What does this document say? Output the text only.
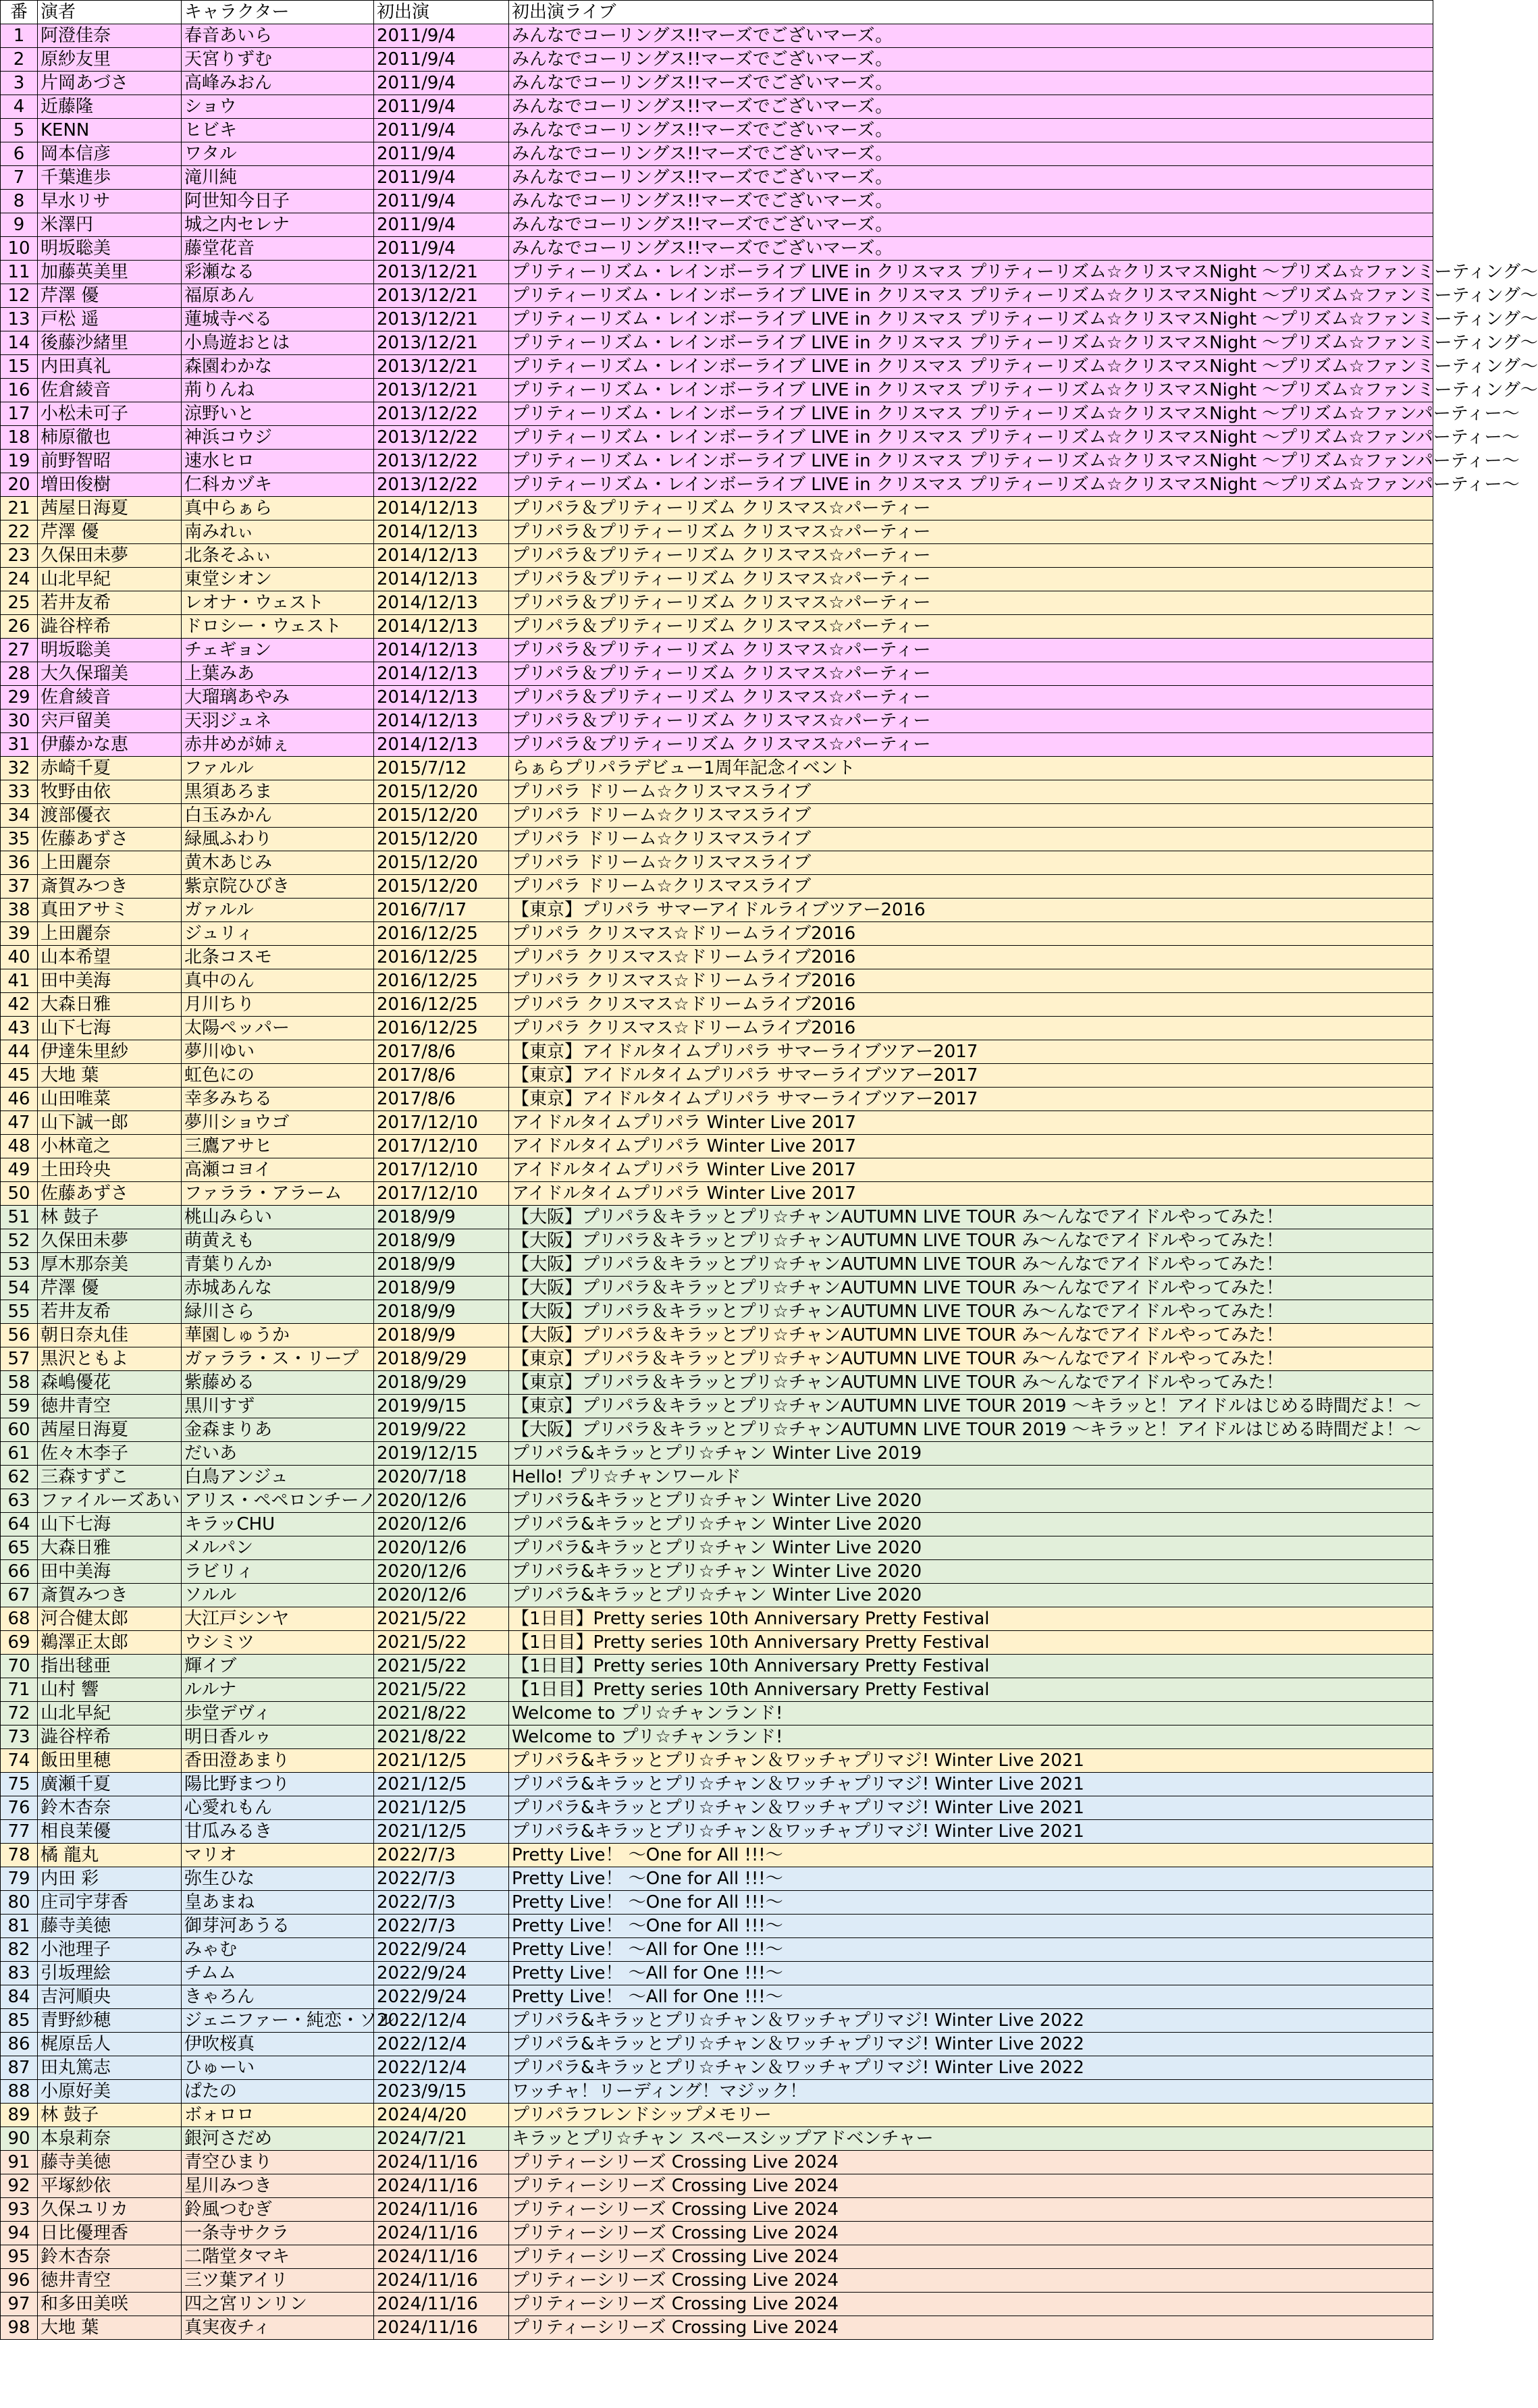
番	演者	キャラクター	初出演	初出演ライブ
1	阿澄佳奈	春音あいら	2011/9/4	みんなでコーリングス!!マーズでございマーズ。
2	原紗友里	天宮りずむ	2011/9/4	みんなでコーリングス!!マーズでございマーズ。
3	片岡あづさ	高峰みおん	2011/9/4	みんなでコーリングス!!マーズでございマーズ。
4	近藤隆	ショウ	2011/9/4	みんなでコーリングス!!マーズでございマーズ。
5	KENN	ヒビキ	2011/9/4	みんなでコーリングス!!マーズでございマーズ。
6	岡本信彦	ワタル	2011/9/4	みんなでコーリングス!!マーズでございマーズ。
7	千葉進歩	滝川純	2011/9/4	みんなでコーリングス!!マーズでございマーズ。
8	早水リサ	阿世知今日子	2011/9/4	みんなでコーリングス!!マーズでございマーズ。
9	米澤円	城之内セレナ	2011/9/4	みんなでコーリングス!!マーズでございマーズ。
10	明坂聡美	藤堂花音	2011/9/4	みんなでコーリングス!!マーズでございマーズ。
11	加藤英美里	彩瀬なる	2013/12/21	プリティーリズム・レインボーライブ LIVE in クリスマス プリティーリズム☆クリスマスNight ～プリズム☆ファンミーティング～
12	芹澤 優	福原あん	2013/12/21	プリティーリズム・レインボーライブ LIVE in クリスマス プリティーリズム☆クリスマスNight ～プリズム☆ファンミーティング～
13	戸松 遥	蓮城寺べる	2013/12/21	プリティーリズム・レインボーライブ LIVE in クリスマス プリティーリズム☆クリスマスNight ～プリズム☆ファンミーティング～
14	後藤沙緒里	小鳥遊おとは	2013/12/21	プリティーリズム・レインボーライブ LIVE in クリスマス プリティーリズム☆クリスマスNight ～プリズム☆ファンミーティング～
15	内田真礼	森園わかな	2013/12/21	プリティーリズム・レインボーライブ LIVE in クリスマス プリティーリズム☆クリスマスNight ～プリズム☆ファンミーティング～
16	佐倉綾音	荊りんね	2013/12/21	プリティーリズム・レインボーライブ LIVE in クリスマス プリティーリズム☆クリスマスNight ～プリズム☆ファンミーティング～
17	小松未可子	涼野いと	2013/12/22	プリティーリズム・レインボーライブ LIVE in クリスマス プリティーリズム☆クリスマスNight ～プリズム☆ファンパーティー～
18	柿原徹也	神浜コウジ	2013/12/22	プリティーリズム・レインボーライブ LIVE in クリスマス プリティーリズム☆クリスマスNight ～プリズム☆ファンパーティー～
19	前野智昭	速水ヒロ	2013/12/22	プリティーリズム・レインボーライブ LIVE in クリスマス プリティーリズム☆クリスマスNight ～プリズム☆ファンパーティー～
20	増田俊樹	仁科カヅキ	2013/12/22	プリティーリズム・レインボーライブ LIVE in クリスマス プリティーリズム☆クリスマスNight ～プリズム☆ファンパーティー～
21	茜屋日海夏	真中らぁら	2014/12/13	プリパラ＆プリティーリズム クリスマス☆パーティー
22	芹澤 優	南みれぃ	2014/12/13	プリパラ＆プリティーリズム クリスマス☆パーティー
23	久保田未夢	北条そふぃ	2014/12/13	プリパラ＆プリティーリズム クリスマス☆パーティー
24	山北早紀	東堂シオン	2014/12/13	プリパラ＆プリティーリズム クリスマス☆パーティー
25	若井友希	レオナ・ウェスト	2014/12/13	プリパラ＆プリティーリズム クリスマス☆パーティー
26	澁谷梓希	ドロシー・ウェスト	2014/12/13	プリパラ＆プリティーリズム クリスマス☆パーティー
27	明坂聡美	チェギョン	2014/12/13	プリパラ＆プリティーリズム クリスマス☆パーティー
28	大久保瑠美	上葉みあ	2014/12/13	プリパラ＆プリティーリズム クリスマス☆パーティー
29	佐倉綾音	大瑠璃あやみ	2014/12/13	プリパラ＆プリティーリズム クリスマス☆パーティー
30	宍戸留美	天羽ジュネ	2014/12/13	プリパラ＆プリティーリズム クリスマス☆パーティー
31	伊藤かな恵	赤井めが姉ぇ	2014/12/13	プリパラ＆プリティーリズム クリスマス☆パーティー
32	赤崎千夏	ファルル	2015/7/12	らぁらプリパラデビュー1周年記念イベント
33	牧野由依	黒須あろま	2015/12/20	プリパラ ドリーム☆クリスマスライブ
34	渡部優衣	白玉みかん	2015/12/20	プリパラ ドリーム☆クリスマスライブ
35	佐藤あずさ	緑風ふわり	2015/12/20	プリパラ ドリーム☆クリスマスライブ
36	上田麗奈	黄木あじみ	2015/12/20	プリパラ ドリーム☆クリスマスライブ
37	斎賀みつき	紫京院ひびき	2015/12/20	プリパラ ドリーム☆クリスマスライブ
38	真田アサミ	ガァルル	2016/7/17	【東京】プリパラ サマーアイドルライブツアー2016
39	上田麗奈	ジュリィ	2016/12/25	プリパラ クリスマス☆ドリームライブ2016
40	山本希望	北条コスモ	2016/12/25	プリパラ クリスマス☆ドリームライブ2016
41	田中美海	真中のん	2016/12/25	プリパラ クリスマス☆ドリームライブ2016
42	大森日雅	月川ちり	2016/12/25	プリパラ クリスマス☆ドリームライブ2016
43	山下七海	太陽ペッパー	2016/12/25	プリパラ クリスマス☆ドリームライブ2016
44	伊達朱里紗	夢川ゆい	2017/8/6	【東京】アイドルタイムプリパラ サマーライブツアー2017
45	大地 葉	虹色にの	2017/8/6	【東京】アイドルタイムプリパラ サマーライブツアー2017
46	山田唯菜	幸多みちる	2017/8/6	【東京】アイドルタイムプリパラ サマーライブツアー2017
47	山下誠一郎	夢川ショウゴ	2017/12/10	アイドルタイムプリパラ Winter Live 2017
48	小林竜之	三鷹アサヒ	2017/12/10	アイドルタイムプリパラ Winter Live 2017
49	土田玲央	高瀬コヨイ	2017/12/10	アイドルタイムプリパラ Winter Live 2017
50	佐藤あずさ	ファララ・アラーム	2017/12/10	アイドルタイムプリパラ Winter Live 2017
51	林 鼓子	桃山みらい	2018/9/9	【大阪】プリパラ＆キラッとプリ☆チャンAUTUMN LIVE TOUR み～んなでアイドルやってみた！
52	久保田未夢	萌黄えも	2018/9/9	【大阪】プリパラ＆キラッとプリ☆チャンAUTUMN LIVE TOUR み～んなでアイドルやってみた！
53	厚木那奈美	青葉りんか	2018/9/9	【大阪】プリパラ＆キラッとプリ☆チャンAUTUMN LIVE TOUR み～んなでアイドルやってみた！
54	芹澤 優	赤城あんな	2018/9/9	【大阪】プリパラ＆キラッとプリ☆チャンAUTUMN LIVE TOUR み～んなでアイドルやってみた！
55	若井友希	緑川さら	2018/9/9	【大阪】プリパラ＆キラッとプリ☆チャンAUTUMN LIVE TOUR み～んなでアイドルやってみた！
56	朝日奈丸佳	華園しゅうか	2018/9/9	【大阪】プリパラ＆キラッとプリ☆チャンAUTUMN LIVE TOUR み～んなでアイドルやってみた！
57	黒沢ともよ	ガァララ・ス・リープ	2018/9/29	【東京】プリパラ＆キラッとプリ☆チャンAUTUMN LIVE TOUR み～んなでアイドルやってみた！
58	森嶋優花	紫藤める	2018/9/29	【東京】プリパラ＆キラッとプリ☆チャンAUTUMN LIVE TOUR み～んなでアイドルやってみた！
59	徳井青空	黒川すず	2019/9/15	【東京】プリパラ＆キラッとプリ☆チャンAUTUMN LIVE TOUR 2019 ～キラッと！アイドルはじめる時間だよ！～
60	茜屋日海夏	金森まりあ	2019/9/22	【大阪】プリパラ＆キラッとプリ☆チャンAUTUMN LIVE TOUR 2019 ～キラッと！アイドルはじめる時間だよ！～
61	佐々木李子	だいあ	2019/12/15	プリパラ&キラッとプリ☆チャン Winter Live 2019
62	三森すずこ	白鳥アンジュ	2020/7/18	Hello! プリ☆チャンワールド
63	ファイルーズあい	アリス・ペペロンチーノ	2020/12/6	プリパラ&キラッとプリ☆チャン Winter Live 2020
64	山下七海	キラッCHU	2020/12/6	プリパラ&キラッとプリ☆チャン Winter Live 2020
65	大森日雅	メルパン	2020/12/6	プリパラ&キラッとプリ☆チャン Winter Live 2020
66	田中美海	ラビリィ	2020/12/6	プリパラ&キラッとプリ☆チャン Winter Live 2020
67	斎賀みつき	ソルル	2020/12/6	プリパラ&キラッとプリ☆チャン Winter Live 2020
68	河合健太郎	大江戸シンヤ	2021/5/22	【1日目】Pretty series 10th Anniversary Pretty Festival
69	鵜澤正太郎	ウシミツ	2021/5/22	【1日目】Pretty series 10th Anniversary Pretty Festival
70	指出毬亜	輝イブ	2021/5/22	【1日目】Pretty series 10th Anniversary Pretty Festival
71	山村 響	ルルナ	2021/5/22	【1日目】Pretty series 10th Anniversary Pretty Festival
72	山北早紀	歩堂デヴィ	2021/8/22	Welcome to プリ☆チャンランド!
73	澁谷梓希	明日香ルゥ	2021/8/22	Welcome to プリ☆チャンランド!
74	飯田里穂	香田澄あまり	2021/12/5	プリパラ&キラッとプリ☆チャン＆ワッチャプリマジ! Winter Live 2021
75	廣瀬千夏	陽比野まつり	2021/12/5	プリパラ&キラッとプリ☆チャン＆ワッチャプリマジ! Winter Live 2021
76	鈴木杏奈	心愛れもん	2021/12/5	プリパラ&キラッとプリ☆チャン＆ワッチャプリマジ! Winter Live 2021
77	相良茉優	甘瓜みるき	2021/12/5	プリパラ&キラッとプリ☆チャン＆ワッチャプリマジ! Winter Live 2021
78	橘 龍丸	マリオ	2022/7/3	Pretty Live！ ～One for All !!!～
79	内田 彩	弥生ひな	2022/7/3	Pretty Live！ ～One for All !!!～
80	庄司宇芽香	皇あまね	2022/7/3	Pretty Live！ ～One for All !!!～
81	藤寺美徳	御芽河あうる	2022/7/3	Pretty Live！ ～One for All !!!～
82	小池理子	みゃむ	2022/9/24	Pretty Live！ ～All for One !!!～
83	引坂理絵	チムム	2022/9/24	Pretty Live！ ～All for One !!!～
84	吉河順央	きゃろん	2022/9/24	Pretty Live！ ～All for One !!!～
85	青野紗穂	ジェニファー・純恋・ソル	2022/12/4	プリパラ&キラッとプリ☆チャン＆ワッチャプリマジ! Winter Live 2022
86	梶原岳人	伊吹桜真	2022/12/4	プリパラ&キラッとプリ☆チャン＆ワッチャプリマジ! Winter Live 2022
87	田丸篤志	ひゅーい	2022/12/4	プリパラ&キラッとプリ☆チャン＆ワッチャプリマジ! Winter Live 2022
88	小原好美	ぱたの	2023/9/15	ワッチャ！リーディング！マジック！
89	林 鼓子	ボォロロ	2024/4/20	プリパラフレンドシップメモリー
90	本泉莉奈	銀河さだめ	2024/7/21	キラッとプリ☆チャン スペースシップアドベンチャー
91	藤寺美徳	青空ひまり	2024/11/16	プリティーシリーズ Crossing Live 2024
92	平塚紗依	星川みつき	2024/11/16	プリティーシリーズ Crossing Live 2024
93	久保ユリカ	鈴風つむぎ	2024/11/16	プリティーシリーズ Crossing Live 2024
94	日比優理香	一条寺サクラ	2024/11/16	プリティーシリーズ Crossing Live 2024
95	鈴木杏奈	二階堂タマキ	2024/11/16	プリティーシリーズ Crossing Live 2024
96	徳井青空	三ツ葉アイリ	2024/11/16	プリティーシリーズ Crossing Live 2024
97	和多田美咲	四之宮リンリン	2024/11/16	プリティーシリーズ Crossing Live 2024
98	大地 葉	真実夜チィ	2024/11/16	プリティーシリーズ Crossing Live 2024
